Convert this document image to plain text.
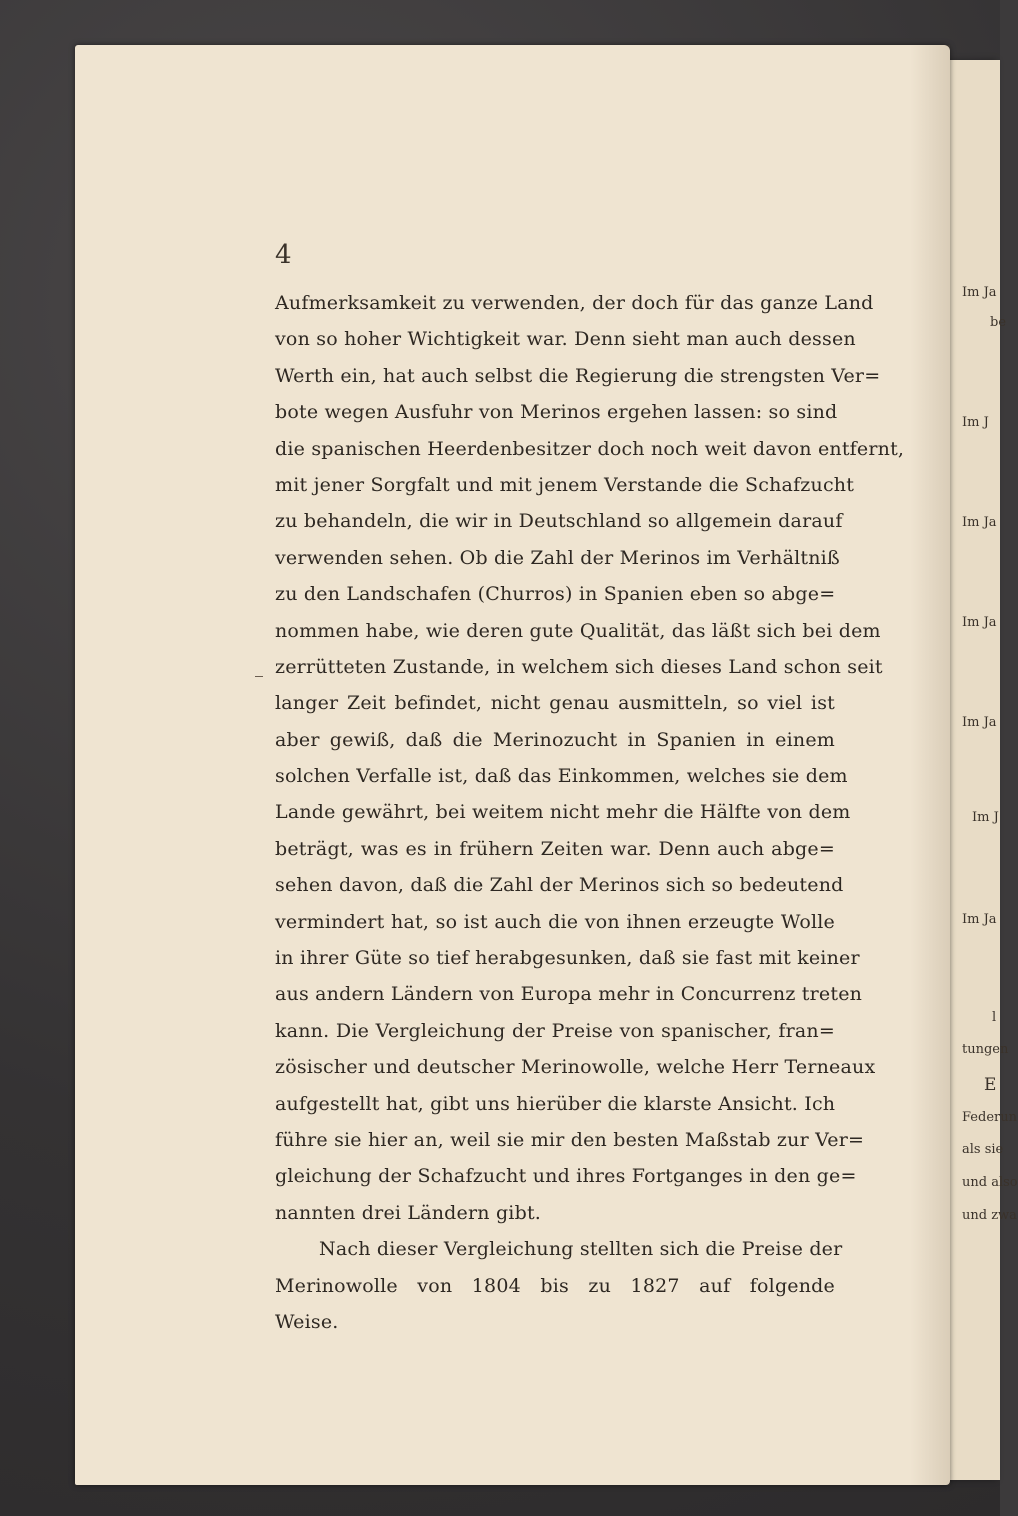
Im Ja
be
Im J
Im Ja
Im Ja
Im Ja
Im J
Im Ja
l
tungen
E
Federun
als sie
und also
und zwa
4
Aufmerksamkeit zu verwenden, der doch für das ganze Land
von so hoher Wichtigkeit war. Denn sieht man auch dessen
Werth ein, hat auch selbst die Regierung die strengsten Ver=
bote wegen Ausfuhr von Merinos ergehen lassen: so sind
die spanischen Heerdenbesitzer doch noch weit davon entfernt,
mit jener Sorgfalt und mit jenem Verstande die Schafzucht
zu behandeln, die wir in Deutschland so allgemein darauf
verwenden sehen. Ob die Zahl der Merinos im Verhältniß
zu den Landschafen (Churros) in Spanien eben so abge=
nommen habe, wie deren gute Qualität, das läßt sich bei dem
zerrütteten Zustande, in welchem sich dieses Land schon seit
langer Zeit befindet, nicht genau ausmitteln, so viel ist
aber gewiß, daß die Merinozucht in Spanien in einem
solchen Verfalle ist, daß das Einkommen, welches sie dem
Lande gewährt, bei weitem nicht mehr die Hälfte von dem
beträgt, was es in frühern Zeiten war. Denn auch abge=
sehen davon, daß die Zahl der Merinos sich so bedeutend
vermindert hat, so ist auch die von ihnen erzeugte Wolle
in ihrer Güte so tief herabgesunken, daß sie fast mit keiner
aus andern Ländern von Europa mehr in Concurrenz treten
kann. Die Vergleichung der Preise von spanischer, fran=
zösischer und deutscher Merinowolle, welche Herr Terneaux
aufgestellt hat, gibt uns hierüber die klarste Ansicht. Ich
führe sie hier an, weil sie mir den besten Maßstab zur Ver=
gleichung der Schafzucht und ihres Fortganges in den ge=
nannten drei Ländern gibt.
Nach dieser Vergleichung stellten sich die Preise der
Merinowolle von 1804 bis zu 1827 auf folgende
Weise.
